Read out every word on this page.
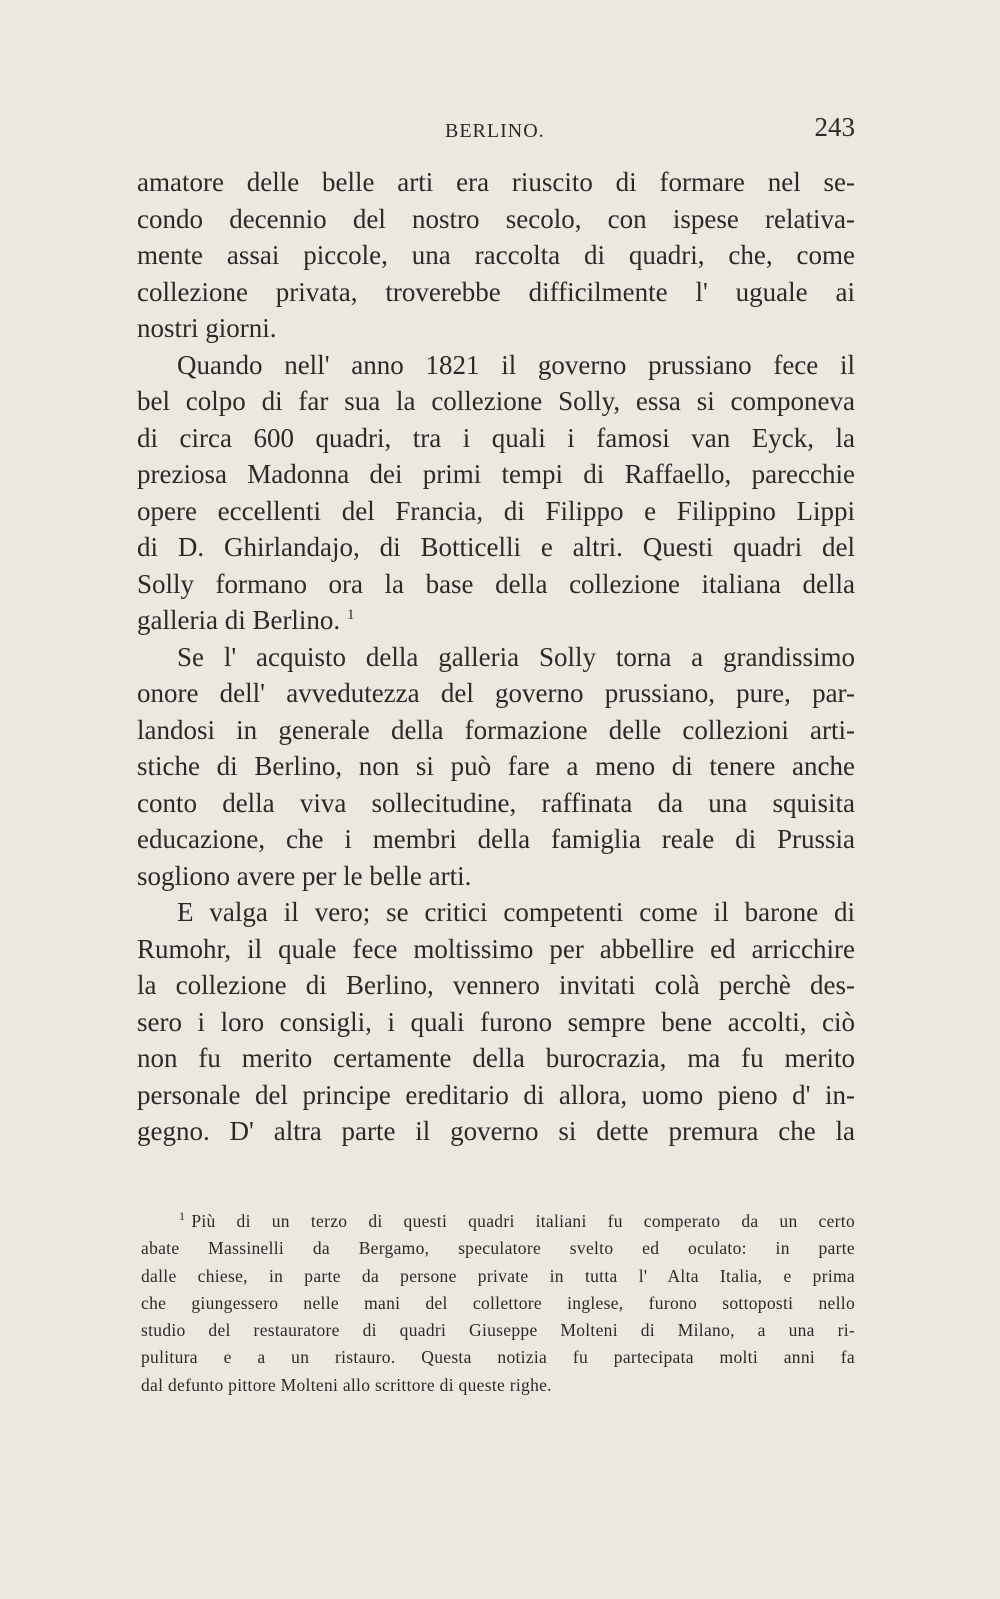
BERLINO.	243
amatore delle belle arti era riuscito di formare nel se-
condo decennio del nostro secolo, con ispese relativa-
mente assai piccole, una raccolta di quadri, che, come
collezione privata, troverebbe difficilmente l' uguale ai
nostri giorni.
Quando nell' anno 1821 il governo prussiano fece il
bel colpo di far sua la collezione Solly, essa si componeva
di circa 600 quadri, tra i quali i famosi van Eyck, la
preziosa Madonna dei primi tempi di Raffaello, parecchie
opere eccellenti del Francia, di Filippo e Filippino Lippi
di D. Ghirlandajo, di Botticelli e altri. Questi quadri del
Solly formano ora la base della collezione italiana della
galleria di Berlino. $^1$
Se l' acquisto della galleria Solly torna a grandissimo
onore dell' avvedutezza del governo prussiano, pure, par-
landosi in generale della formazione delle collezioni arti-
stiche di Berlino, non si può fare a meno di tenere anche
conto della viva sollecitudine, raffinata da una squisita
educazione, che i membri della famiglia reale di Prussia
sogliono avere per le belle arti.
E valga il vero; se critici competenti come il barone di
Rumohr, il quale fece moltissimo per abbellire ed arricchire
la collezione di Berlino, vennero invitati colà perchè des-
sero i loro consigli, i quali furono sempre bene accolti, ciò
non fu merito certamente della burocrazia, ma fu merito
personale del principe ereditario di allora, uomo pieno d' in-
gegno. D' altra parte il governo si dette premura che la
$^1$ Più di un terzo di questi quadri italiani fu comperato da un certo
abate Massinelli da Bergamo, speculatore svelto ed oculato: in parte
dalle chiese, in parte da persone private in tutta l' Alta Italia, e prima
che giungessero nelle mani del collettore inglese, furono sottoposti nello
studio del restauratore di quadri Giuseppe Molteni di Milano, a una ri-
pulitura e a un ristauro. Questa notizia fu partecipata molti anni fa
dal defunto pittore Molteni allo scrittore di queste righe.
